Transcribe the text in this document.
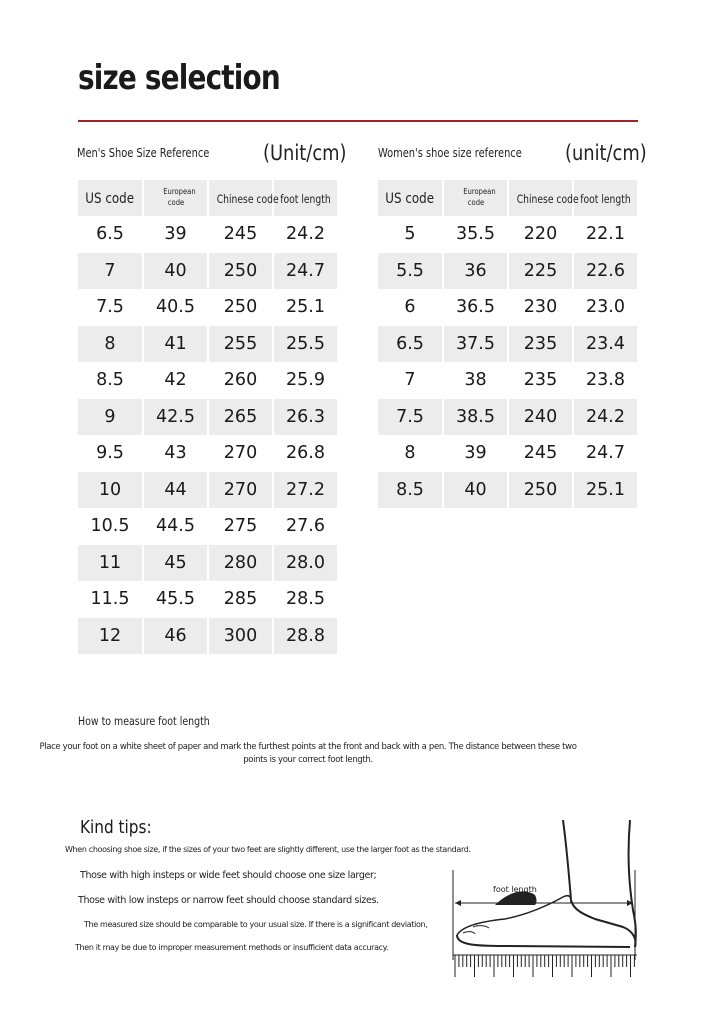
size selection
Men's Shoe Size Reference	(Unit/cm)
US code	European code	Chinese code	foot length
6.5	39	245	24.2
7	40	250	24.7
7.5	40.5	250	25.1
8	41	255	25.5
8.5	42	260	25.9
9	42.5	265	26.3
9.5	43	270	26.8
10	44	270	27.2
10.5	44.5	275	27.6
11	45	280	28.0
11.5	45.5	285	28.5
12	46	300	28.8
Women's shoe size reference (unit/cm)
US code	European code	Chinese code	foot length
5	35.5	220	22.1
5.5	36	225	22.6
6	36.5	230	23.0
6.5	37.5	235	23.4
7	38	235	23.8
7.5	38.5	240	24.2
8	39	245	24.7
8.5	40	250	25.1
How to measure foot length
Place your foot on a white sheet of paper and mark the furthest points at the front and back with a pen. The distance between these two points is your correct foot length.
Kind tips:
When choosing shoe size, if the sizes of your two feet are slightly different, use the larger foot as the standard.
Those with high insteps or wide feet should choose one size larger;
Those with low insteps or narrow feet should choose standard sizes.
The measured size should be comparable to your usual size. If there is a significant deviation,
Then it may be due to improper measurement methods or insufficient data accuracy.
foot length
